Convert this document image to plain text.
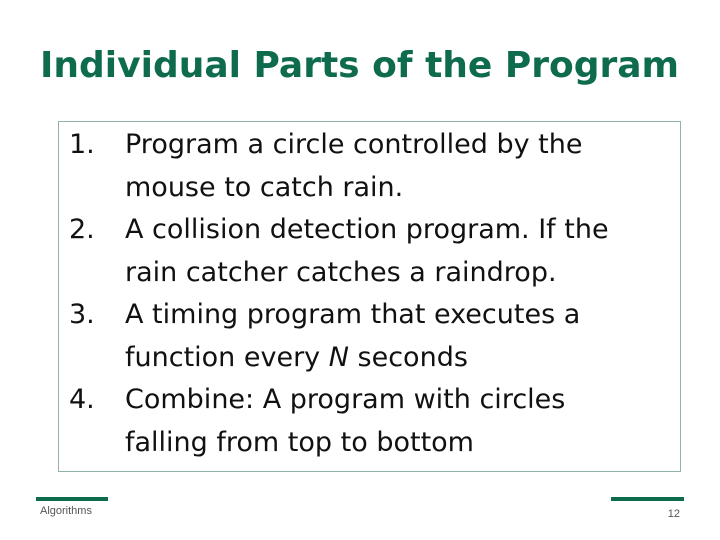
Individual Parts of the Program
1. Program a circle controlled by the
mouse to catch rain.
2. A collision detection program. If the
rain catcher catches a raindrop.
3. A timing program that executes a
function every N seconds
4. Combine: A program with circles
falling from top to bottom
Algorithms	12
